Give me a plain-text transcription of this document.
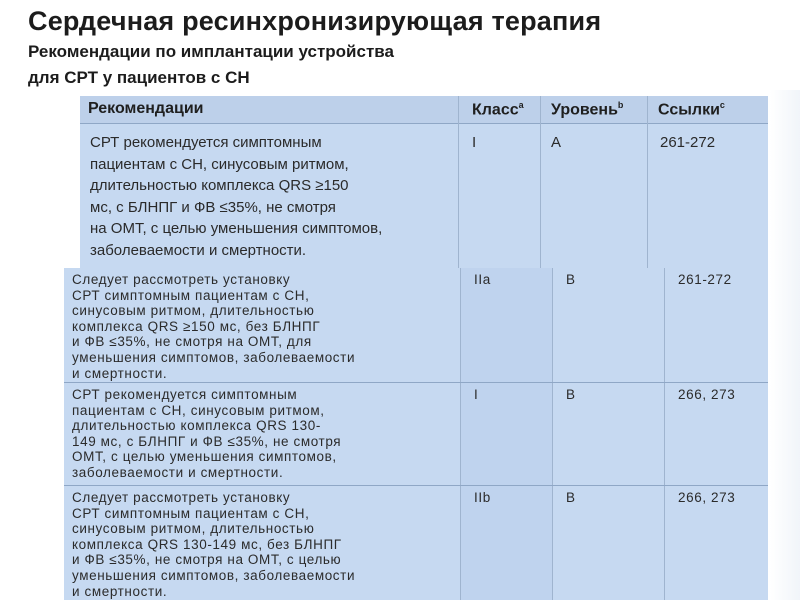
Сердечная ресинхронизирующая терапия
Рекомендации по имплантации устройства
для СРТ у пациентов с СН
Рекомендации	Класс$^a$ Уровень$^b$ Ссылки$^c$
СРТ рекомендуется симптомным
пациентам с СН, синусовым ритмом,
длительностью комплекса QRS ≥150
мс, с БЛНПГ и ФВ ≤35%, не смотря
на ОМТ, с целью уменьшения симптомов,
заболеваемости и смертности.
I	A	261-272
Следует рассмотреть установку
СРТ симптомным пациентам с СН,
синусовым ритмом, длительностью
комплекса QRS ≥150 мс, без БЛНПГ
и ФВ ≤35%, не смотря на ОМТ, для
уменьшения симптомов, заболеваемости
и смертности.
IIa	B	261-272
СРТ рекомендуется симптомным
пациентам с СН, синусовым ритмом,
длительностью комплекса QRS 130-
149 мс, с БЛНПГ и ФВ ≤35%, не смотря
ОМТ, с целью уменьшения симптомов,
заболеваемости и смертности.
I	B	266, 273
Следует рассмотреть установку
СРТ симптомным пациентам с СН,
синусовым ритмом, длительностью
комплекса QRS 130-149 мс, без БЛНПГ
и ФВ ≤35%, не смотря на ОМТ, с целью
уменьшения симптомов, заболеваемости
и смертности.
IIb	B	266, 273
